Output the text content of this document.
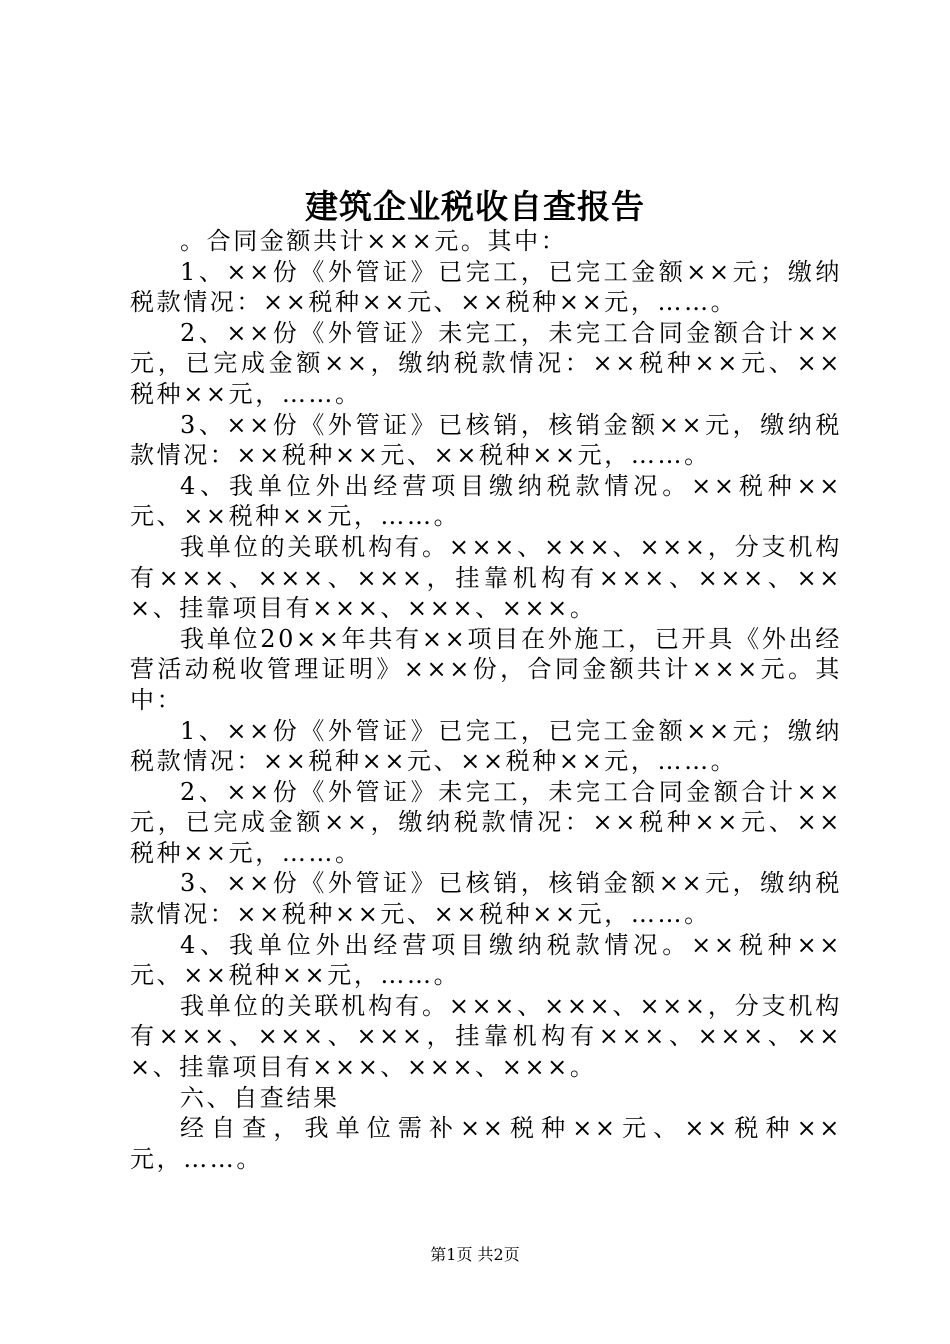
建筑企业税收自查报告

。合同金额共计×××元。其中：

1、××份《外管证》已完工，已完工金额××元；缴纳税款情况：××税种××元、××税种××元，……。

2、××份《外管证》未完工，未完工合同金额合计××元，已完成金额××，缴纳税款情况：××税种××元、××税种××元，……。

3、××份《外管证》已核销，核销金额××元，缴纳税款情况：××税种××元、××税种××元，……。

4、我单位外出经营项目缴纳税款情况。××税种××元、××税种××元，……。

我单位的关联机构有。×××、×××、×××，分支机构有×××、×××、×××，挂靠机构有×××、×××、×××、挂靠项目有×××、×××、×××。

我单位20××年共有××项目在外施工，已开具《外出经营活动税收管理证明》×××份，合同金额共计×××元。其中：

1、××份《外管证》已完工，已完工金额××元；缴纳税款情况：××税种××元、××税种××元，……。

2、××份《外管证》未完工，未完工合同金额合计××元，已完成金额××，缴纳税款情况：××税种××元、××税种××元，……。

3、××份《外管证》已核销，核销金额××元，缴纳税款情况：××税种××元、××税种××元，……。

4、我单位外出经营项目缴纳税款情况。××税种××元、××税种××元，……。

我单位的关联机构有。×××、×××、×××，分支机构有×××、×××、×××，挂靠机构有×××、×××、×××、挂靠项目有×××、×××、×××。

六、自查结果

经自查，我单位需补××税种××元、××税种××元，……。

第1页 共2页
